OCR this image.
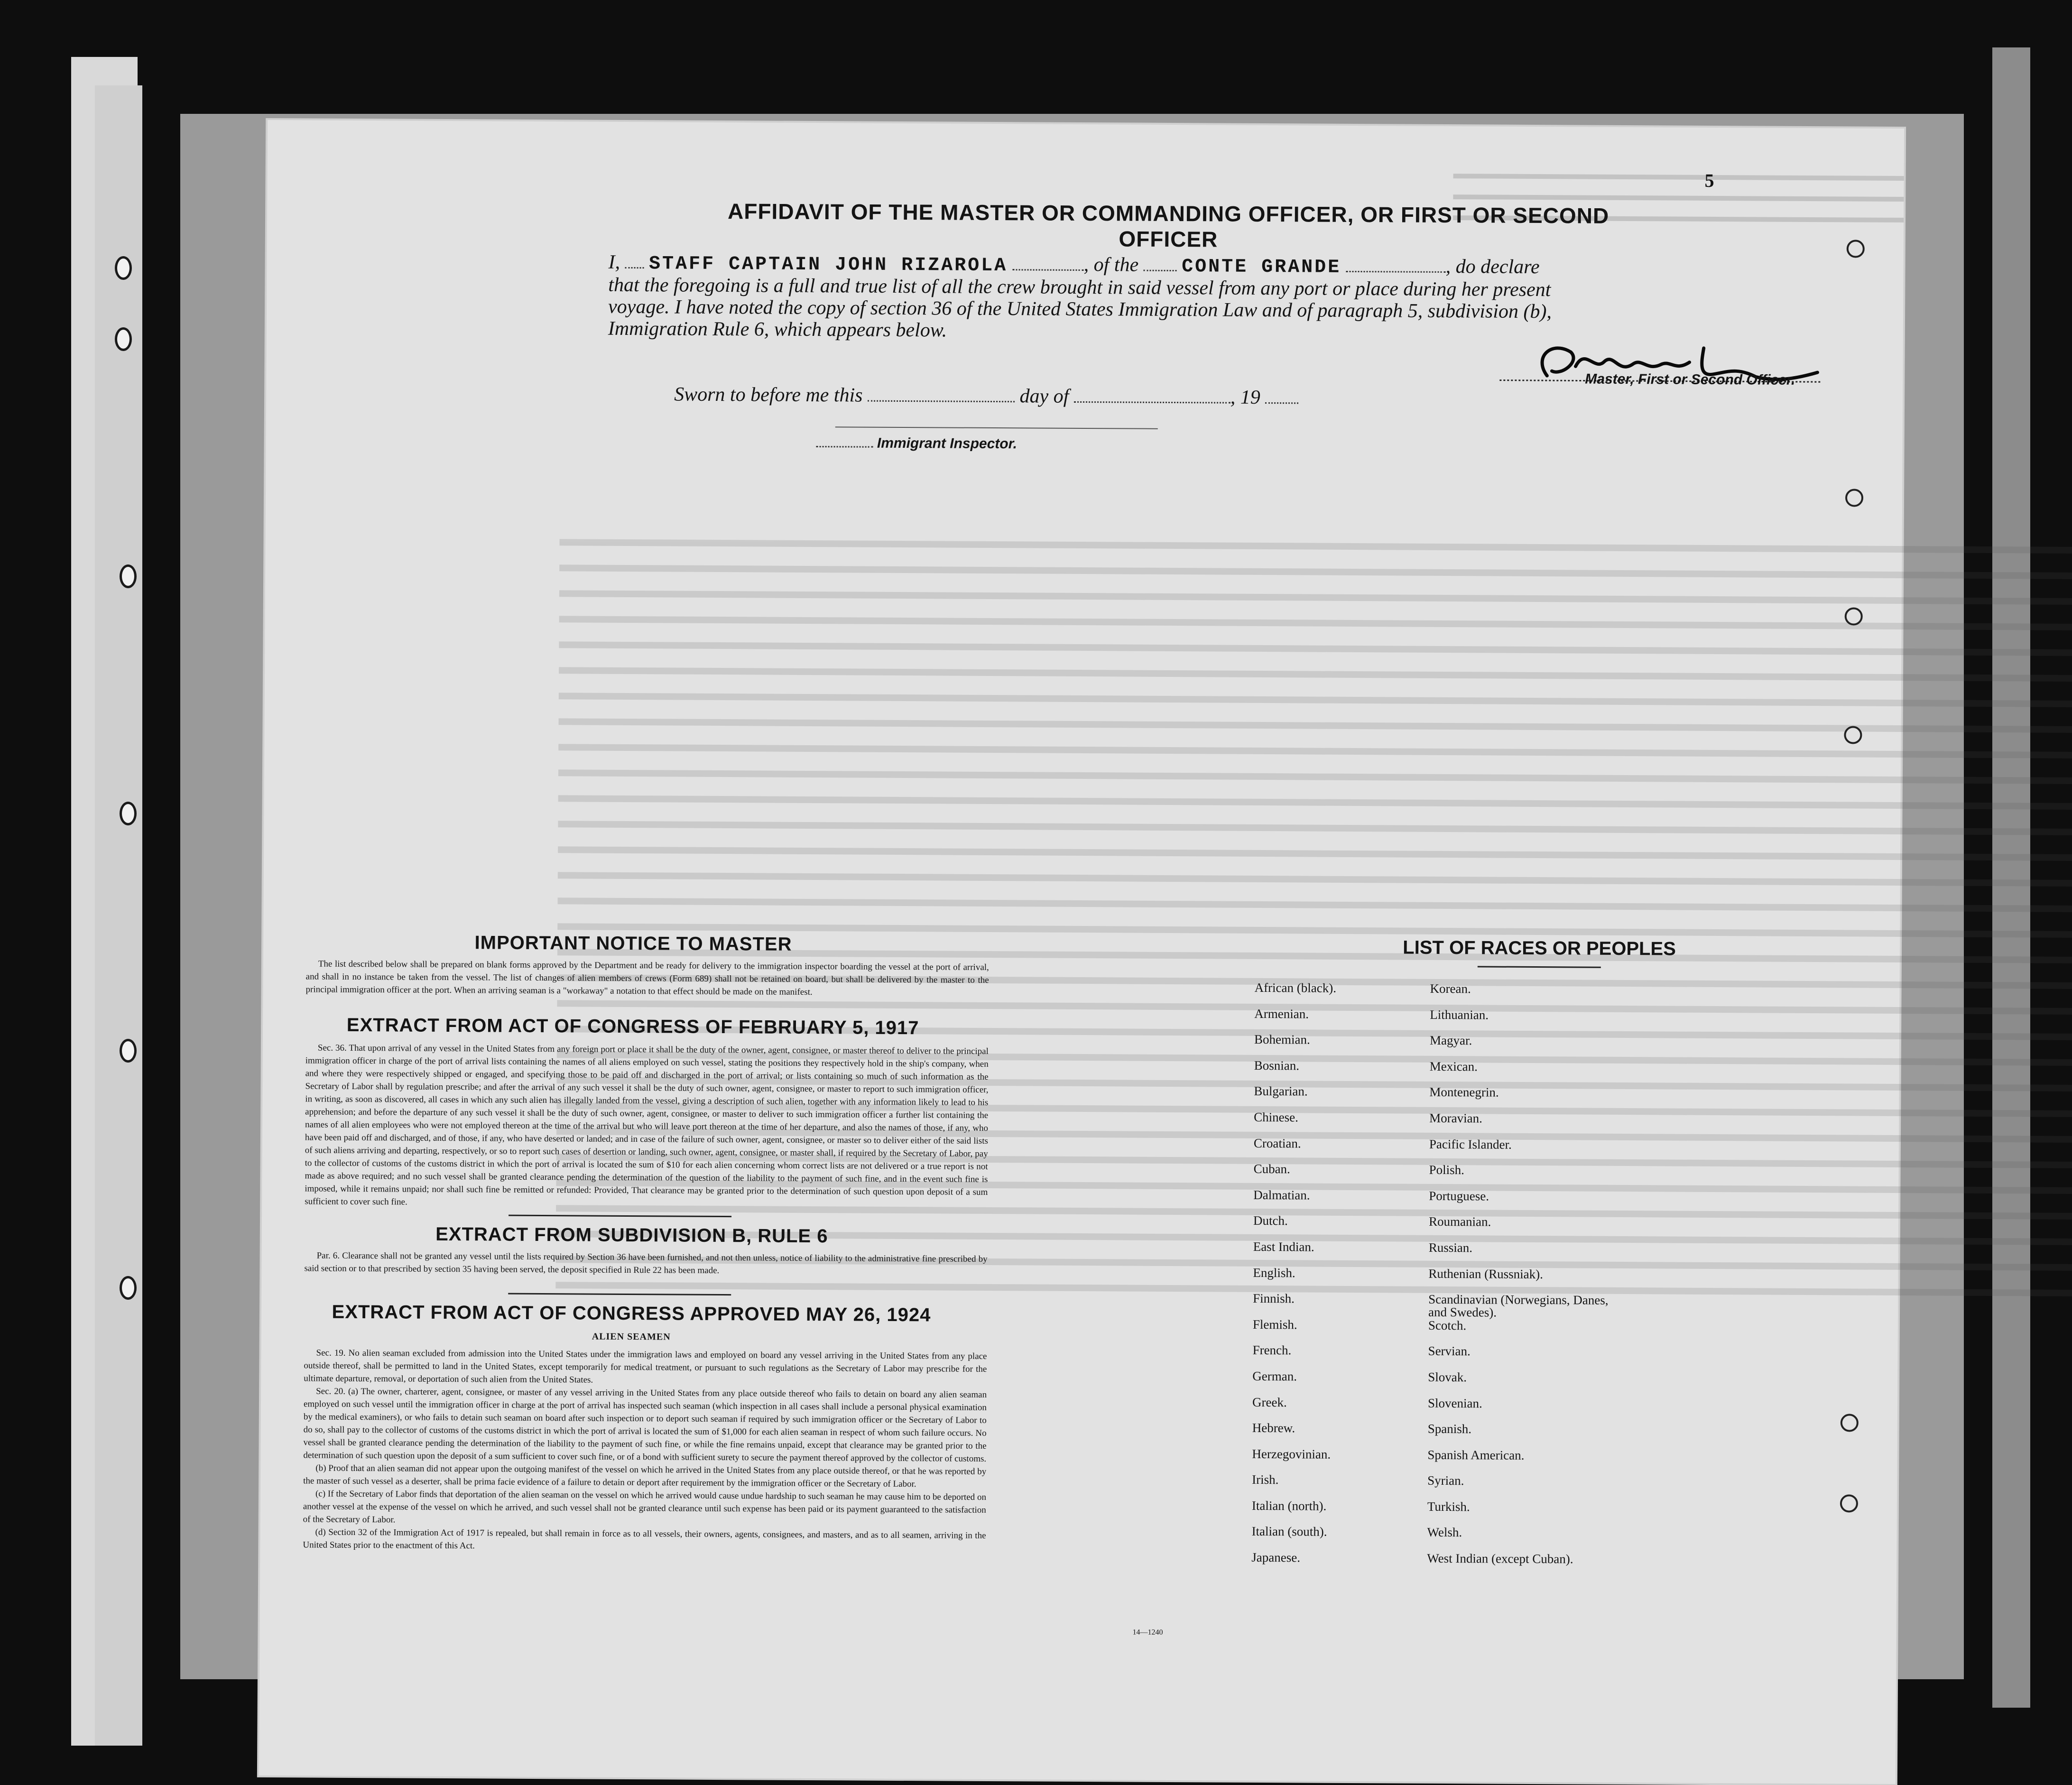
5
AFFIDAVIT OF THE MASTER OR COMMANDING OFFICER, OR FIRST OR SECOND OFFICER
I, STAFF CAPTAIN JOHN RIZAROLA	, of the CONTE GRANDE	, do declare
that the foregoing is a full and true list of all the crew brought in said vessel from any port or place during her present
voyage. I have noted the copy of section 36 of the United States Immigration Law and of paragraph 5, subdivision (b),
Immigration Rule 6, which appears below.
Master, First or Second Officer.
Sworn to before me this	day of	, 19
Immigrant Inspector.
IMPORTANT NOTICE TO MASTER

The list described below shall be prepared on blank forms approved by the Department and be ready for delivery to the immigration inspector boarding the vessel at the port of arrival, and shall in no instance be taken from the vessel. The list of changes of alien members of crews (Form 689) shall not be retained on board, but shall be delivered by the master to the principal immigration officer at the port. When an arriving seaman is a "workaway" a notation to that effect should be made on the manifest.

EXTRACT FROM ACT OF CONGRESS OF FEBRUARY 5, 1917

Sec. 36. That upon arrival of any vessel in the United States from any foreign port or place it shall be the duty of the owner, agent, consignee, or master thereof to deliver to the principal immigration officer in charge of the port of arrival lists containing the names of all aliens employed on such vessel, stating the positions they respectively hold in the ship's company, when and where they were respectively shipped or engaged, and specifying those to be paid off and discharged in the port of arrival; or lists containing so much of such information as the Secretary of Labor shall by regulation prescribe; and after the arrival of any such vessel it shall be the duty of such owner, agent, consignee, or master to report to such immigration officer, in writing, as soon as discovered, all cases in which any such alien has illegally landed from the vessel, giving a description of such alien, together with any information likely to lead to his apprehension; and before the departure of any such vessel it shall be the duty of such owner, agent, consignee, or master to deliver to such immigration officer a further list containing the names of all alien employees who were not employed thereon at the time of the arrival but who will leave port thereon at the time of her departure, and also the names of those, if any, who have been paid off and discharged, and of those, if any, who have deserted or landed; and in case of the failure of such owner, agent, consignee, or master so to deliver either of the said lists of such aliens arriving and departing, respectively, or so to report such cases of desertion or landing, such owner, agent, consignee, or master shall, if required by the Secretary of Labor, pay to the collector of customs of the customs district in which the port of arrival is located the sum of $10 for each alien concerning whom correct lists are not delivered or a true report is not made as above required; and no such vessel shall be granted clearance pending the determination of the question of the liability to the payment of such fine, and in the event such fine is imposed, while it remains unpaid; nor shall such fine be remitted or refunded: Provided, That clearance may be granted prior to the determination of such question upon deposit of a sum sufficient to cover such fine.

EXTRACT FROM SUBDIVISION B, RULE 6

Par. 6. Clearance shall not be granted any vessel until the lists required by Section 36 have been furnished, and not then unless, notice of liability to the administrative fine prescribed by said section or to that prescribed by section 35 having been served, the deposit specified in Rule 22 has been made.

EXTRACT FROM ACT OF CONGRESS APPROVED MAY 26, 1924
ALIEN SEAMEN

Sec. 19. No alien seaman excluded from admission into the United States under the immigration laws and employed on board any vessel arriving in the United States from any place outside thereof, shall be permitted to land in the United States, except temporarily for medical treatment, or pursuant to such regulations as the Secretary of Labor may prescribe for the ultimate departure, removal, or deportation of such alien from the United States.

Sec. 20. (a) The owner, charterer, agent, consignee, or master of any vessel arriving in the United States from any place outside thereof who fails to detain on board any alien seaman employed on such vessel until the immigration officer in charge at the port of arrival has inspected such seaman (which inspection in all cases shall include a personal physical examination by the medical examiners), or who fails to detain such seaman on board after such inspection or to deport such seaman if required by such immigration officer or the Secretary of Labor to do so, shall pay to the collector of customs of the customs district in which the port of arrival is located the sum of $1,000 for each alien seaman in respect of whom such failure occurs. No vessel shall be granted clearance pending the determination of the liability to the payment of such fine, or while the fine remains unpaid, except that clearance may be granted prior to the determination of such question upon the deposit of a sum sufficient to cover such fine, or of a bond with sufficient surety to secure the payment thereof approved by the collector of customs.

(b) Proof that an alien seaman did not appear upon the outgoing manifest of the vessel on which he arrived in the United States from any place outside thereof, or that he was reported by the master of such vessel as a deserter, shall be prima facie evidence of a failure to detain or deport after requirement by the immigration officer or the Secretary of Labor.

(c) If the Secretary of Labor finds that deportation of the alien seaman on the vessel on which he arrived would cause undue hardship to such seaman he may cause him to be deported on another vessel at the expense of the vessel on which he arrived, and such vessel shall not be granted clearance until such expense has been paid or its payment guaranteed to the satisfaction of the Secretary of Labor.

(d) Section 32 of the Immigration Act of 1917 is repealed, but shall remain in force as to all vessels, their owners, agents, consignees, and masters, and as to all seamen, arriving in the United States prior to the enactment of this Act.

14—1240
LIST OF RACES OR PEOPLES
African (black).
Armenian.
Bohemian.
Bosnian.
Bulgarian.
Chinese.
Croatian.
Cuban.
Dalmatian.
Dutch.
East Indian.
English.
Finnish.
Flemish.
French.
German.
Greek.
Hebrew.
Herzegovinian.
Irish.
Italian (north).
Italian (south).
Japanese.
Korean.
Lithuanian.
Magyar.
Mexican.
Montenegrin.
Moravian.
Pacific Islander.
Polish.
Portuguese.
Roumanian.
Russian.
Ruthenian (Russniak).
Scandinavian (Norwegians, Danes, and Swedes).
Scotch.
Servian.
Slovak.
Slovenian.
Spanish.
Spanish American.
Syrian.
Turkish.
Welsh.
West Indian (except Cuban).
